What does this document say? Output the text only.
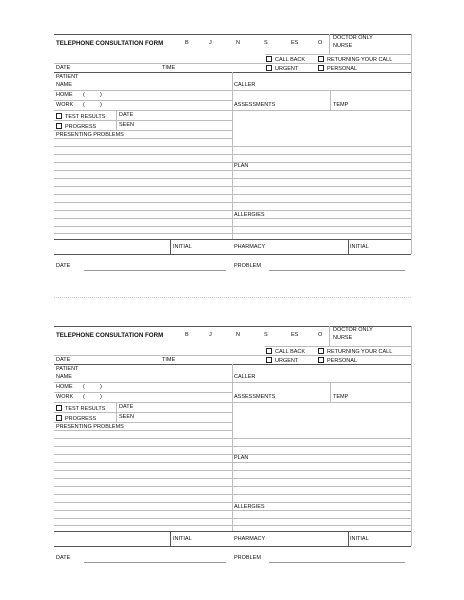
TELEPHONE CONSULTATION FORM	B	J	N	S	ES	O
DOCTOR ONLY
NURSE
CALL BACK	RETURNING YOUR CALL
URGENT	PERSONAL
DATE	TIME
PATIENT
NAME	CALLER
HOME (	)
WORK (	)	ASSESSMENTS	TEMP
TEST RESULTS DATE
PROGRESS	SEEN
PRESENTING PROBLEMS
PLAN
ALLERGIES
INITIAL	PHARMACY	INITIAL
DATE	PROBLEM
TELEPHONE CONSULTATION FORM	B	J	N	S	ES	O
DOCTOR ONLY
NURSE
CALL BACK	RETURNING YOUR CALL
URGENT	PERSONAL
DATE	TIME
PATIENT
NAME	CALLER
HOME (	)
WORK (	)	ASSESSMENTS	TEMP
TEST RESULTS DATE
PROGRESS	SEEN
PRESENTING PROBLEMS
PLAN
ALLERGIES
INITIAL	PHARMACY	INITIAL
DATE	PROBLEM
